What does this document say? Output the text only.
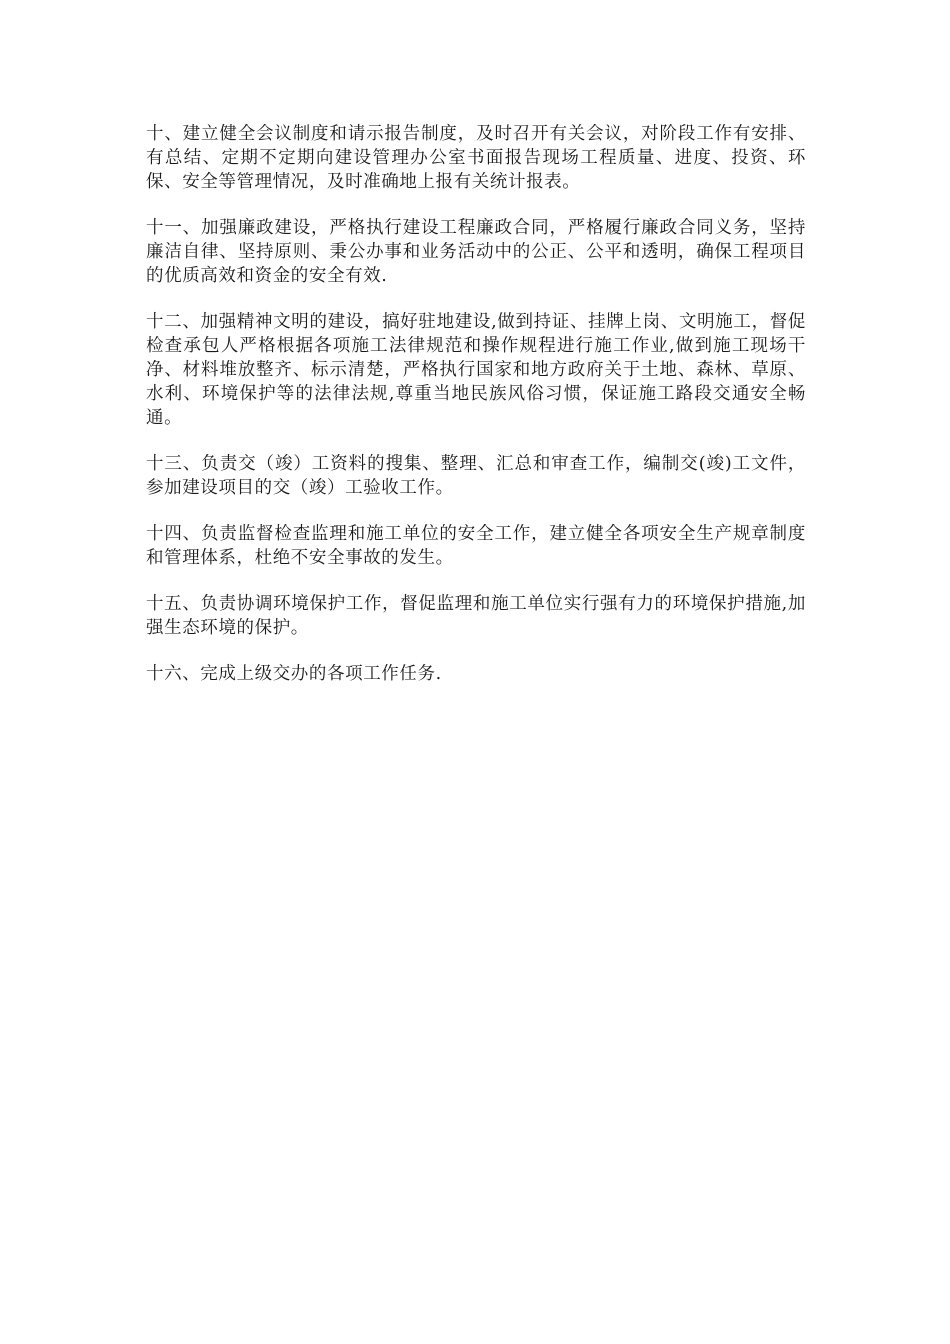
十、建立健全会议制度和请示报告制度，及时召开有关会议，对阶段工作有安排、有总结、定期不定期向建设管理办公室书面报告现场工程质量、进度、投资、环保、安全等管理情况，及时准确地上报有关统计报表。

十一、加强廉政建设，严格执行建设工程廉政合同，严格履行廉政合同义务，坚持廉洁自律、坚持原则、秉公办事和业务活动中的公正、公平和透明，确保工程项目的优质高效和资金的安全有效.

十二、加强精神文明的建设，搞好驻地建设,做到持证、挂牌上岗、文明施工，督促检查承包人严格根据各项施工法律规范和操作规程进行施工作业,做到施工现场干净、材料堆放整齐、标示清楚，严格执行国家和地方政府关于土地、森林、草原、水利、环境保护等的法律法规,尊重当地民族风俗习惯，保证施工路段交通安全畅通。

十三、负责交（竣）工资料的搜集、整理、汇总和审查工作，编制交(竣)工文件，参加建设项目的交（竣）工验收工作。

十四、负责监督检查监理和施工单位的安全工作，建立健全各项安全生产规章制度和管理体系，杜绝不安全事故的发生。

十五、负责协调环境保护工作，督促监理和施工单位实行强有力的环境保护措施,加强生态环境的保护。

十六、完成上级交办的各项工作任务.
